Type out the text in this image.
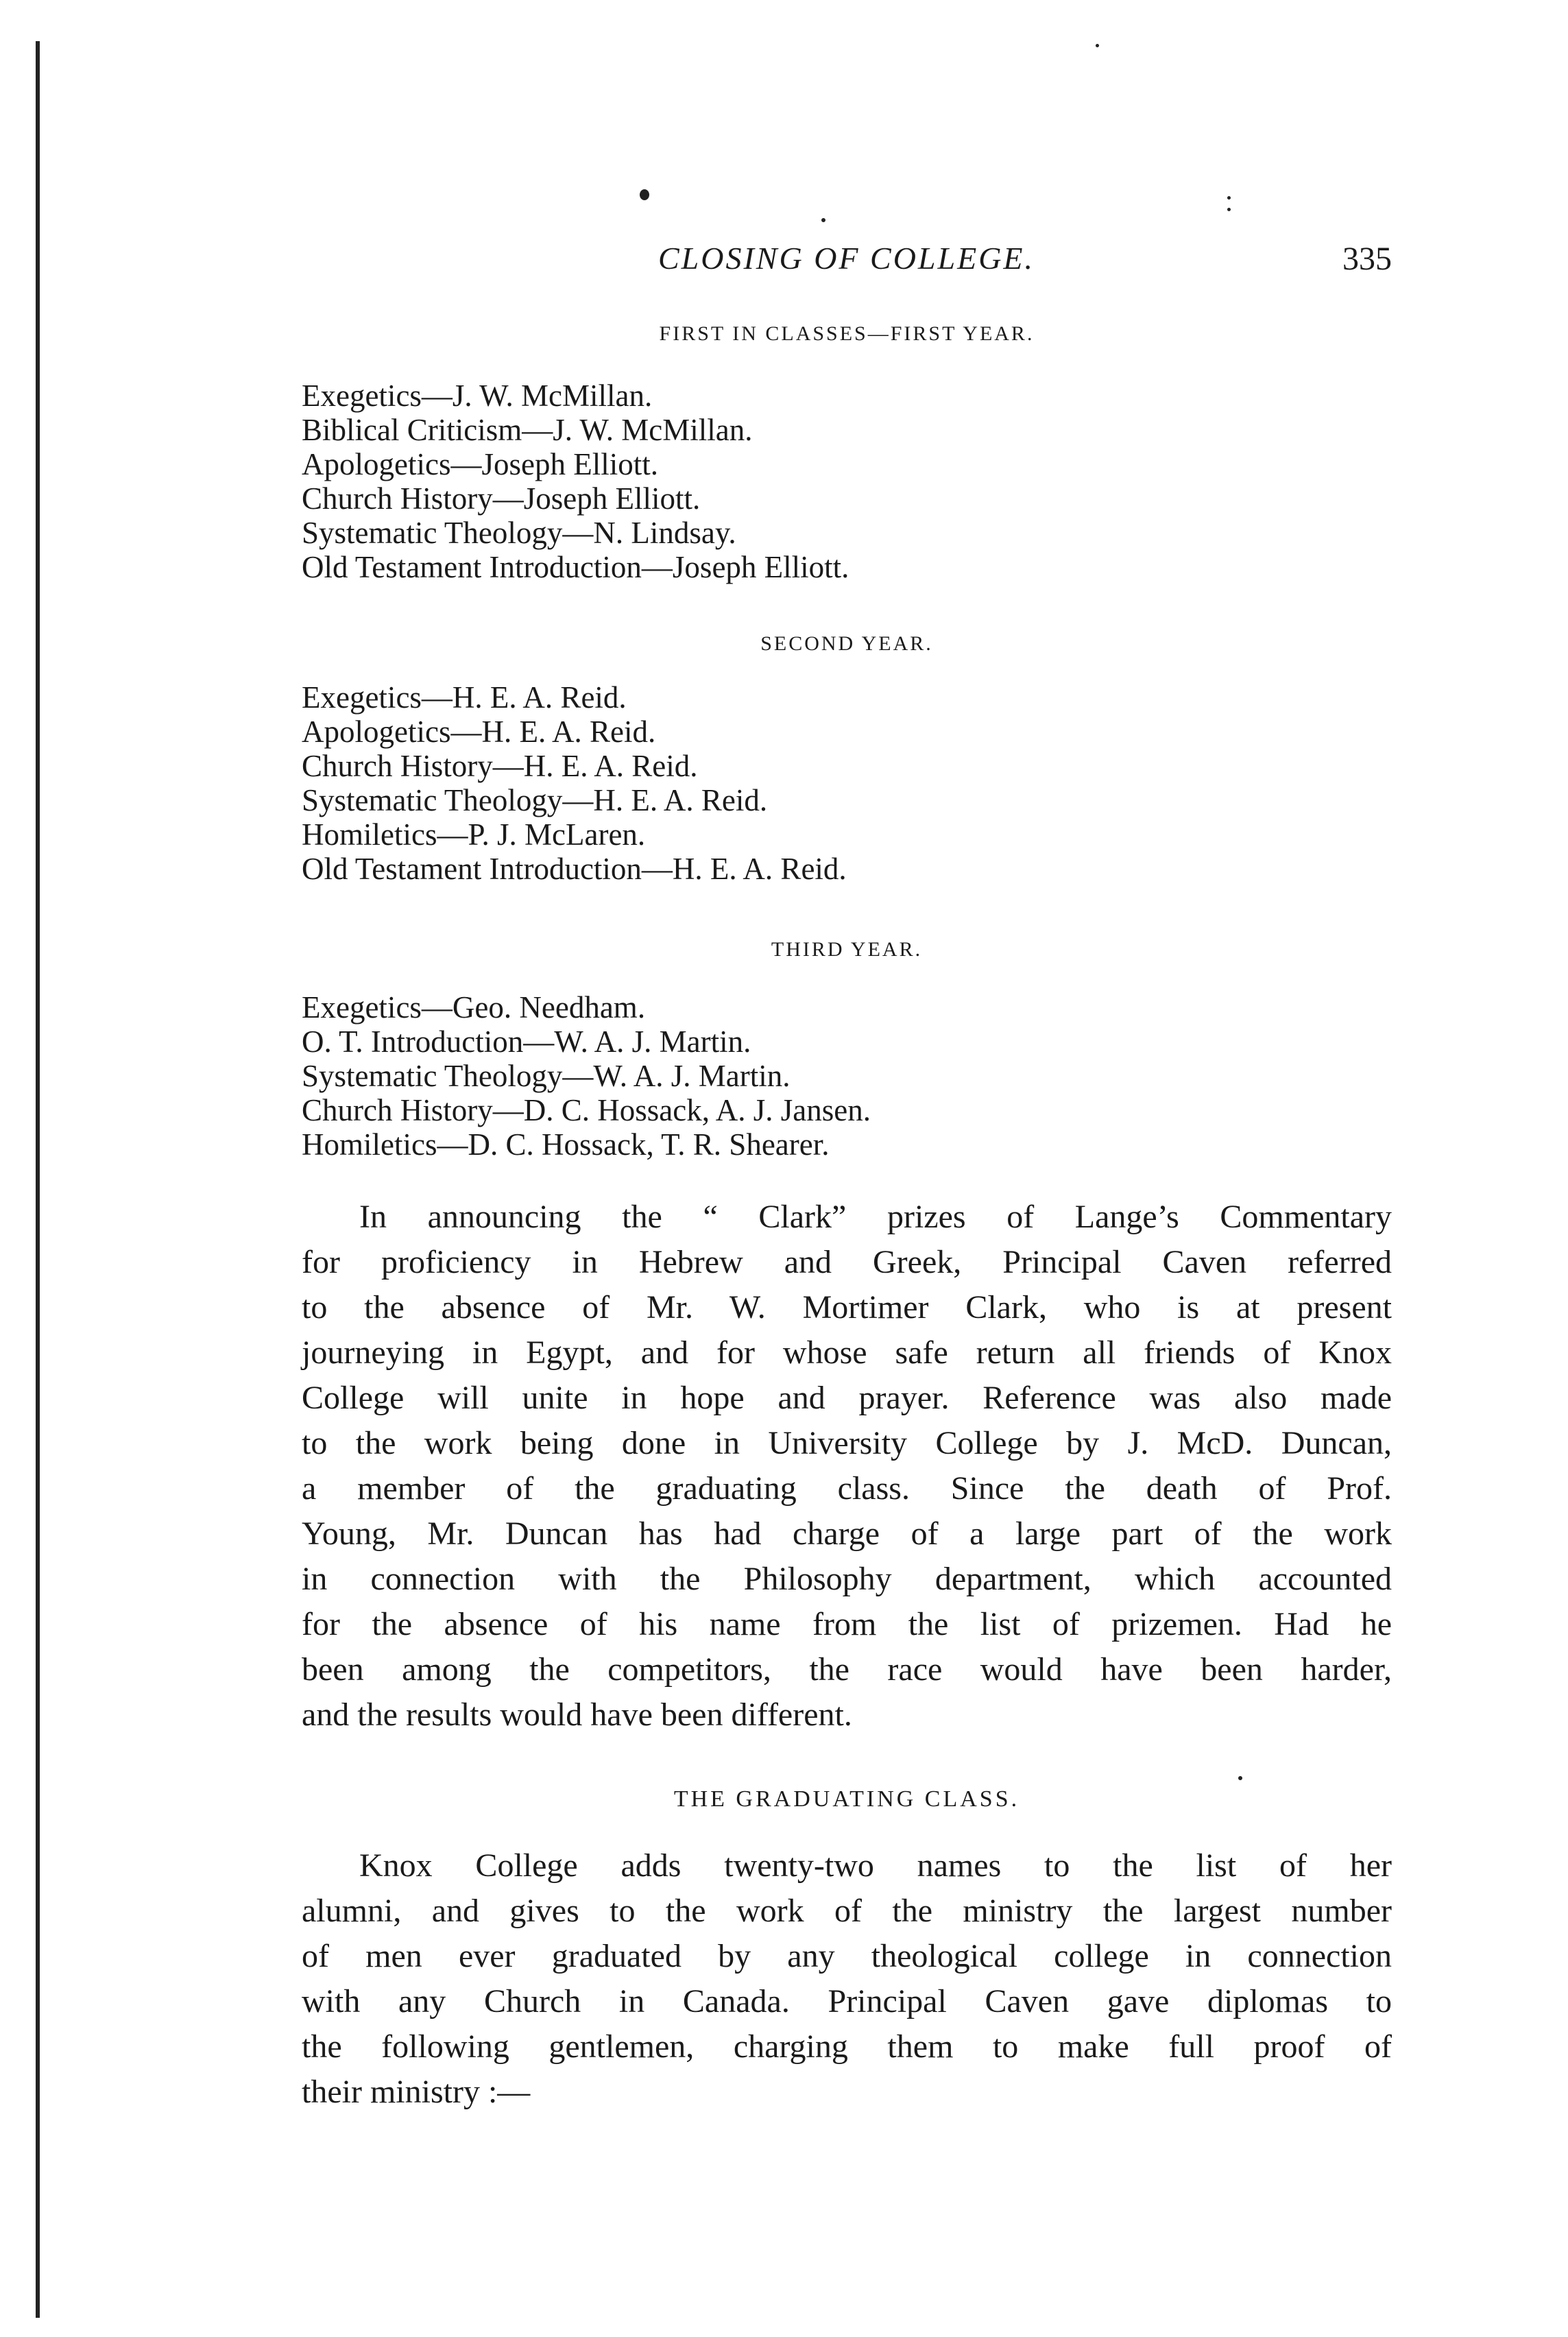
CLOSING OF COLLEGE.	335
FIRST IN CLASSES—FIRST YEAR.
Exegetics—J. W. McMillan.
Biblical Criticism—J. W. McMillan.
Apologetics—Joseph Elliott.
Church History—Joseph Elliott.
Systematic Theology—N. Lindsay.
Old Testament Introduction—Joseph Elliott.
SECOND YEAR.
Exegetics—H. E. A. Reid.
Apologetics—H. E. A. Reid.
Church History—H. E. A. Reid.
Systematic Theology—H. E. A. Reid.
Homiletics—P. J. McLaren.
Old Testament Introduction—H. E. A. Reid.
THIRD YEAR.
Exegetics—Geo. Needham.
O. T. Introduction—W. A. J. Martin.
Systematic Theology—W. A. J. Martin.
Church History—D. C. Hossack, A. J. Jansen.
Homiletics—D. C. Hossack, T. R. Shearer.

In announcing the “ Clark” prizes of Lange’s Commentary
for proficiency in Hebrew and Greek, Principal Caven referred
to the absence of Mr. W. Mortimer Clark, who is at present
journeying in Egypt, and for whose safe return all friends of Knox
College will unite in hope and prayer. Reference was also made
to the work being done in University College by J. McD. Duncan,
a member of the graduating class. Since the death of Prof.
Young, Mr. Duncan has had charge of a large part of the work
in connection with the Philosophy department, which accounted
for the absence of his name from the list of prizemen. Had he
been among the competitors, the race would have been harder,
and the results would have been different.

THE GRADUATING CLASS.

Knox College adds twenty-two names to the list of her
alumni, and gives to the work of the ministry the largest number
of men ever graduated by any theological college in connection
with any Church in Canada. Principal Caven gave diplomas to
the following gentlemen, charging them to make full proof of
their ministry :—
